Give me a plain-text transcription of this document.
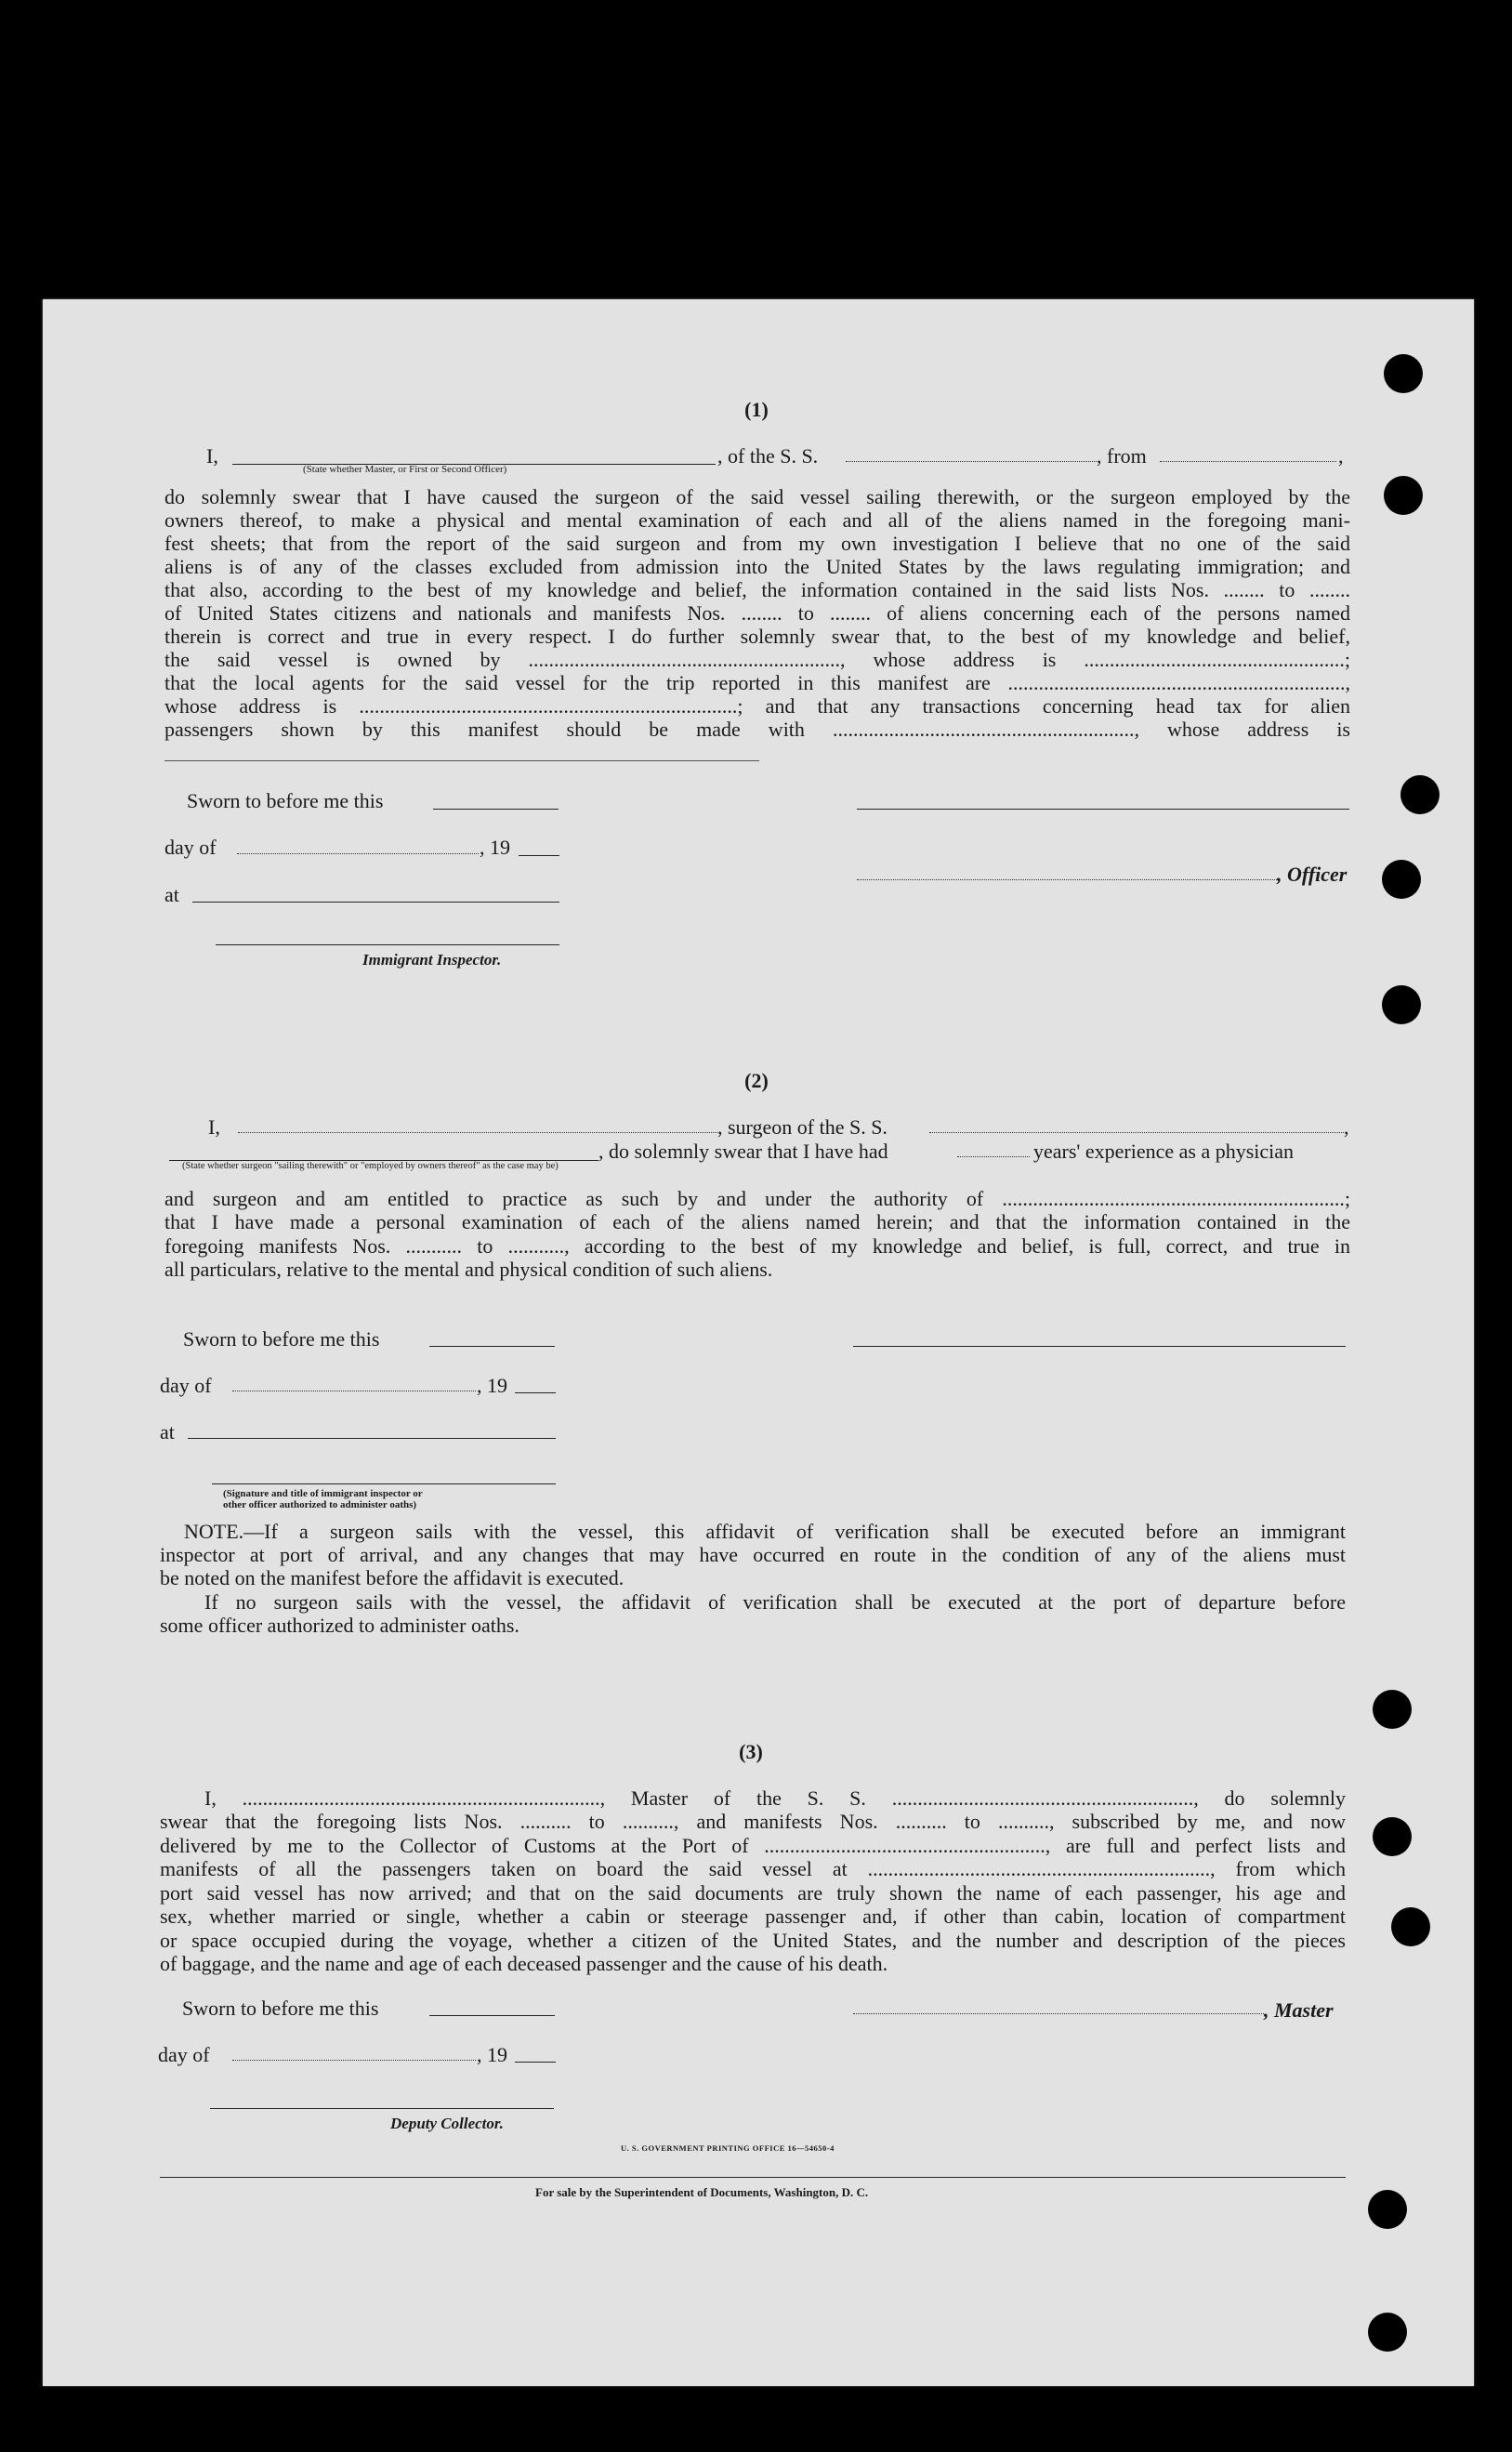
(1)
I,
(State whether Master, or First or Second Officer)
, of the S. S.	, from	,
do solemnly swear that I have caused the surgeon of the said vessel sailing therewith, or the surgeon employed by the
owners thereof, to make a physical and mental examination of each and all of the aliens named in the foregoing mani-
fest sheets; that from the report of the said surgeon and from my own investigation I believe that no one of the said
aliens is of any of the classes excluded from admission into the United States by the laws regulating immigration; and
that also, according to the best of my knowledge and belief, the information contained in the said lists Nos. ........ to ........
of United States citizens and nationals and manifests Nos. ........ to ........ of aliens concerning each of the persons named
therein is correct and true in every respect. I do further solemnly swear that, to the best of my knowledge and belief,
the said vessel is owned by ............................................................., whose address is ...................................................;
that the local agents for the said vessel for the trip reported in this manifest are ..................................................................,
whose address is ..........................................................................; and that any transactions concerning head tax for alien
passengers shown by this manifest should be made with ..........................................................., whose address is
Sworn to before me this
day of	, 19
, Officer
at
Immigrant Inspector.
(2)
I,	, surgeon of the S. S.	,
, do solemnly swear that I have had	years' experience as a physician
(State whether surgeon "sailing therewith" or "employed by owners thereof" as the case may be)
and surgeon and am entitled to practice as such by and under the authority of ...................................................................;
that I have made a personal examination of each of the aliens named herein; and that the information contained in the
foregoing manifests Nos. ........... to ..........., according to the best of my knowledge and belief, is full, correct, and true in
all particulars, relative to the mental and physical condition of such aliens.
Sworn to before me this
day of	, 19
at
(Signature and title of immigrant inspector or
other officer authorized to administer oaths)
NOTE.—If a surgeon sails with the vessel, this affidavit of verification shall be executed before an immigrant
inspector at port of arrival, and any changes that may have occurred en route in the condition of any of the aliens must
be noted on the manifest before the affidavit is executed.
If no surgeon sails with the vessel, the affidavit of verification shall be executed at the port of departure before
some officer authorized to administer oaths.
(3)
I, ......................................................................, Master of the S. S. ..........................................................., do solemnly
swear that the foregoing lists Nos. .......... to .........., and manifests Nos. .......... to .........., subscribed by me, and now
delivered by me to the Collector of Customs at the Port of ......................................................., are full and perfect lists and
manifests of all the passengers taken on board the said vessel at ..................................................................., from which
port said vessel has now arrived; and that on the said documents are truly shown the name of each passenger, his age and
sex, whether married or single, whether a cabin or steerage passenger and, if other than cabin, location of compartment
or space occupied during the voyage, whether a citizen of the United States, and the number and description of the pieces
of baggage, and the name and age of each deceased passenger and the cause of his death.
Sworn to before me this	, Master
day of	, 19
Deputy Collector.
U. S. GOVERNMENT PRINTING OFFICE 16—54650-4
For sale by the Superintendent of Documents, Washington, D. C.
